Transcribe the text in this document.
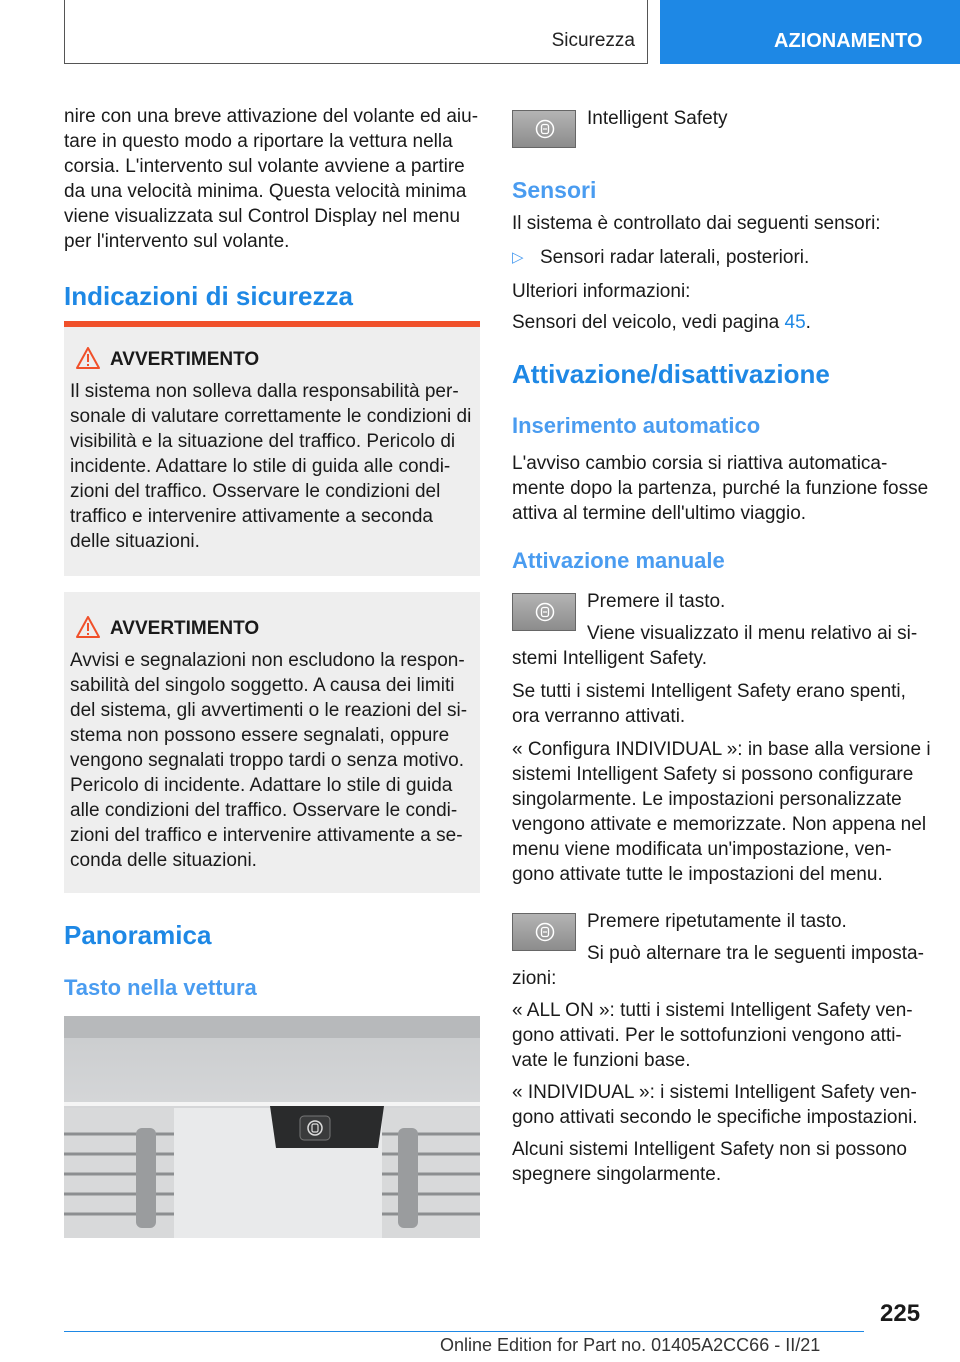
Sicurezza	AZIONAMENTO

nire con una breve attivazione del volante ed aiu-

tare in questo modo a riportare la vettura nella

corsia. L'intervento sul volante avviene a partire

da una velocità minima. Questa velocità minima

viene visualizzata sul Control Display nel menu

per l'intervento sul volante.

Indicazioni di sicurezza
AVVERTIMENTO

Il sistema non solleva dalla responsabilità per-

sonale di valutare correttamente le condizioni di

visibilità e la situazione del traffico. Pericolo di

incidente. Adattare lo stile di guida alle condi-

zioni del traffico. Osservare le condizioni del

traffico e intervenire attivamente a seconda

delle situazioni.

AVVERTIMENTO

Avvisi e segnalazioni non escludono la respon-

sabilità del singolo soggetto. A causa dei limiti

del sistema, gli avvertimenti o le reazioni del si-

stema non possono essere segnalati, oppure

vengono segnalati troppo tardi o senza motivo.

Pericolo di incidente. Adattare lo stile di guida

alle condizioni del traffico. Osservare le condi-

zioni del traffico e intervenire attivamente a se-

conda delle situazioni.

Panoramica
Tasto nella vettura

Intelligent Safety

Sensori

Il sistema è controllato dai seguenti sensori:

▷ Sensori radar laterali, posteriori.

Ulteriori informazioni:

Sensori del veicolo, vedi pagina 45.

Attivazione/disattivazione
Inserimento automatico

L'avviso cambio corsia si riattiva automatica-

mente dopo la partenza, purché la funzione fosse

attiva al termine dell'ultimo viaggio.

Attivazione manuale

Premere il tasto.

Viene visualizzato il menu relativo ai si-

stemi Intelligent Safety.

Se tutti i sistemi Intelligent Safety erano spenti,

ora verranno attivati.

« Configura INDIVIDUAL »: in base alla versione i

sistemi Intelligent Safety si possono configurare

singolarmente. Le impostazioni personalizzate

vengono attivate e memorizzate. Non appena nel

menu viene modificata un'impostazione, ven-

gono attivate tutte le impostazioni del menu.

Premere ripetutamente il tasto.

Si può alternare tra le seguenti imposta-

zioni:

« ALL ON »: tutti i sistemi Intelligent Safety ven-

gono attivati. Per le sottofunzioni vengono atti-

vate le funzioni base.

« INDIVIDUAL »: i sistemi Intelligent Safety ven-

gono attivati secondo le specifiche impostazioni.

Alcuni sistemi Intelligent Safety non si possono

spegnere singolarmente.

225
Online Edition for Part no. 01405A2CC66 - II/21
